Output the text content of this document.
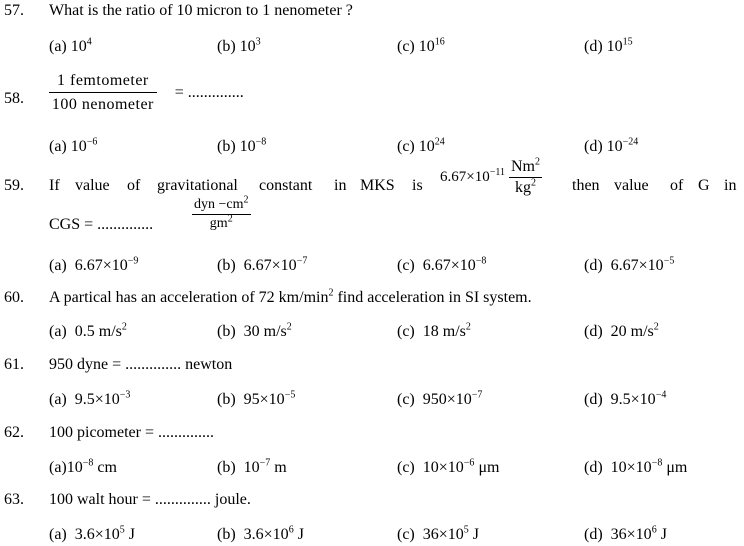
57. What is the ratio of 10 micron to 1 nenometer ?
(a) $10^4$	(b) $10^3$	(c) $10^{16}$	(d) $10^{15}$
58. $\frac{\text{1 femtometer}}{\text{100 nenometer}}$ = ..............
(a) $10^{-6}$	(b) $10^{-8}$	(c) $10^{24}$	(d) $10^{-24}$
59. If value of gravitational constant in MKS is $6.67\times 10^{-11} \frac{Nm^2}{kg^2}$ then value of G in
CGS = ..............	$\frac{dyn -cm^2}{gm^2}$
(a) $6.67\times 10^{-9}$	(b) $6.67\times 10^{-7}$	(c) $6.67\times 10^{-8}$	(d) $6.67\times 10^{-5}$
60. A partical has an acceleration of 72 $km/\min^2$ find acceleration in SI system.
(a) 0.5 $m/s^2$	(b) 30 $m/s^2$	(c) 18 $m/s^2$	(d) 20 $m/s^2$
61. 950 dyne = .............. newton
(a) $9.5\times 10^{-3}$	(b) $95\times 10^{-5}$	(c) $950\times 10^{-7}$	(d) $9.5\times 10^{-4}$
62. 100 picometer = ..............
$(a)10^{-8}$ cm	(b) $10^{-7}$ m	(c) $10\times 10^{-6}$ μm	(d) $10\times 10^{-8}$ μm
63. 100 walt hour = .............. joule.
(a) $3.6\times 10^5$ J	(b) $3.6\times 10^6$ J	(c) $36\times 10^5$ J	(d) $36\times 10^6$ J
